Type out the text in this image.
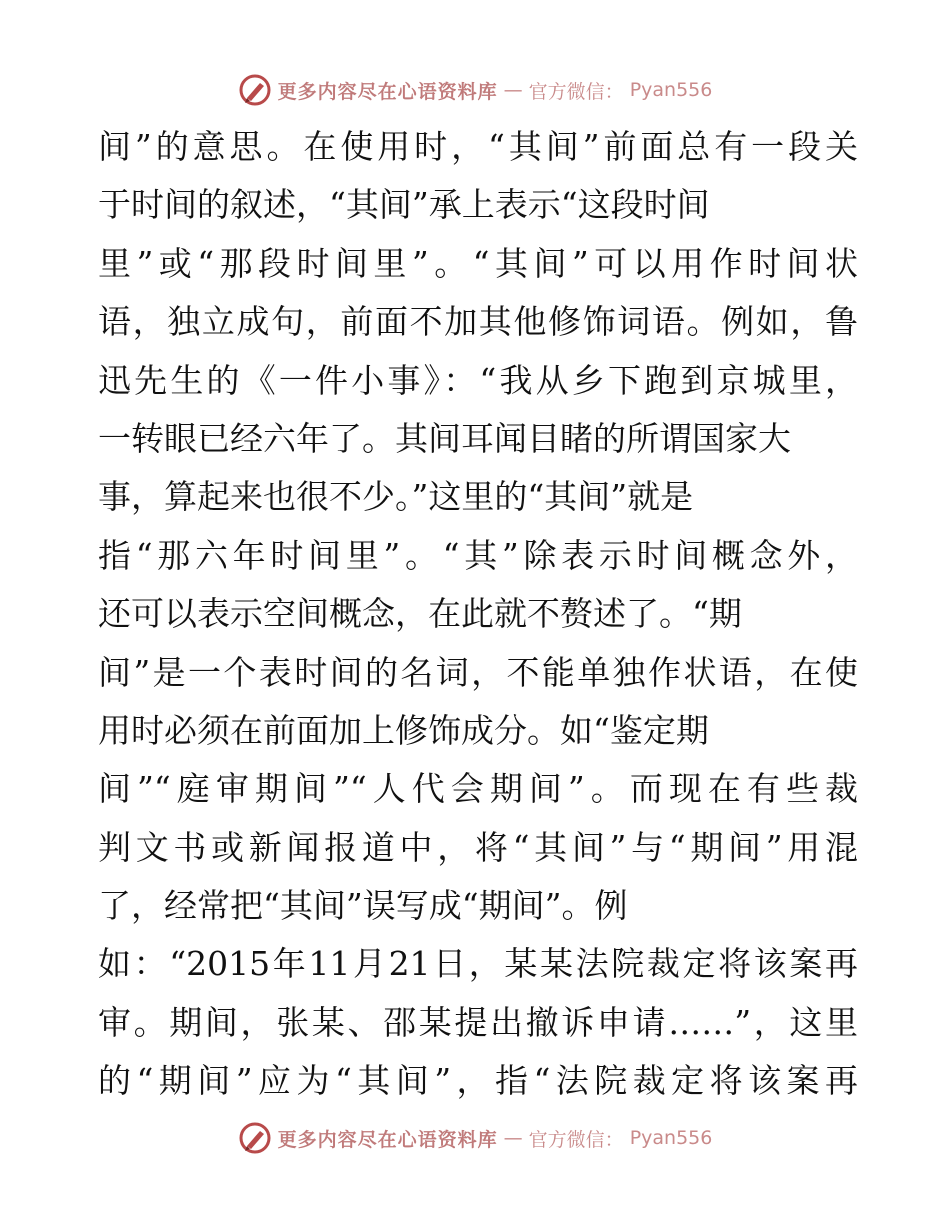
更多内容尽在心语资料库 — 官方微信： Pyan556
间”的意思。在使用时，“其间”前面总有一段关
于时间的叙述，“其间”承上表示“这段时间
里”或“那段时间里”。“其间”可以用作时间状
语，独立成句，前面不加其他修饰词语。例如，鲁
迅先生的《一件小事》：“我从乡下跑到京城里，
一转眼已经六年了。其间耳闻目睹的所谓国家大
事，算起来也很不少。”这里的“其间”就是
指“那六年时间里”。“其”除表示时间概念外，
还可以表示空间概念，在此就不赘述了。“期
间”是一个表时间的名词，不能单独作状语，在使
用时必须在前面加上修饰成分。如“鉴定期
间”“庭审期间”“人代会期间”。而现在有些裁
判文书或新闻报道中，将“其间”与“期间”用混
了，经常把“其间”误写成“期间”。例
如：“2015年11月21日，某某法院裁定将该案再
审。期间，张某、邵某提出撤诉申请……”，这里
的“期间”应为“其间”，指“法院裁定将该案再
更多内容尽在心语资料库 — 官方微信： Pyan556
